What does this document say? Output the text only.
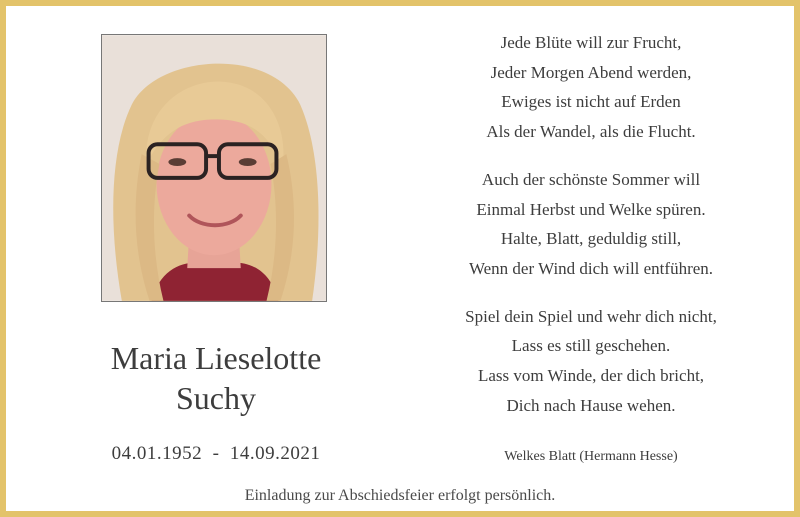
Maria Lieselotte
Suchy
04.01.1952  -  14.09.2021
Jede Blüte will zur Frucht,
Jeder Morgen Abend werden,
Ewiges ist nicht auf Erden
Als der Wandel, als die Flucht.
Auch der schönste Sommer will
Einmal Herbst und Welke spüren.
Halte, Blatt, geduldig still,
Wenn der Wind dich will entführen.
Spiel dein Spiel und wehr dich nicht,
Lass es still geschehen.
Lass vom Winde, der dich bricht,
Dich nach Hause wehen.
Welkes Blatt (Hermann Hesse)
Einladung zur Abschiedsfeier erfolgt persönlich.
